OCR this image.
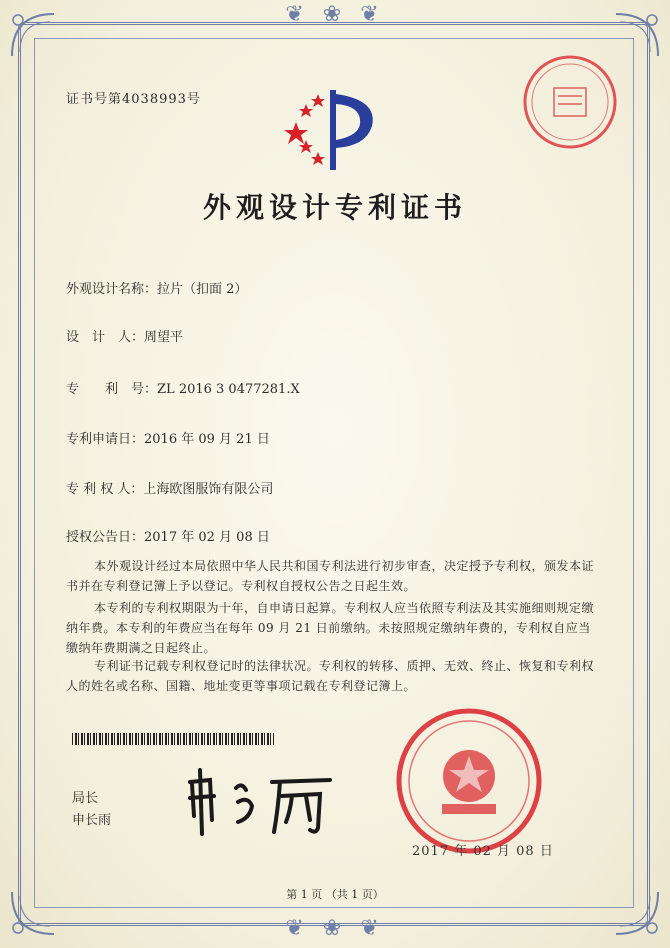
❦ ❀ ❦
❦ ❀ ❦
证书号第4038993号
外观设计专利证书
外观设计名称：拉片（扣面 2）
设　计　人：周望平
专　　利　号：ZL 2016 3 0477281.X
专利申请日：2016 年 09 月 21 日
专 利 权 人：上海欧图服饰有限公司
授权公告日：2017 年 02 月 08 日
本外观设计经过本局依照中华人民共和国专利法进行初步审查，决定授予专利权，颁发本证书并在专利登记簿上予以登记。专利权自授权公告之日起生效。
本专利的专利权期限为十年，自申请日起算。专利权人应当依照专利法及其实施细则规定缴纳年费。本专利的年费应当在每年 09 月 21 日前缴纳。未按照规定缴纳年费的，专利权自应当缴纳年费期满之日起终止。
专利证书记载专利权登记时的法律状况。专利权的转移、质押、无效、终止、恢复和专利权人的姓名或名称、国籍、地址变更等事项记载在专利登记簿上。
局长
申长雨
2017 年 02 月 08 日
第 1 页 （共 1 页）
